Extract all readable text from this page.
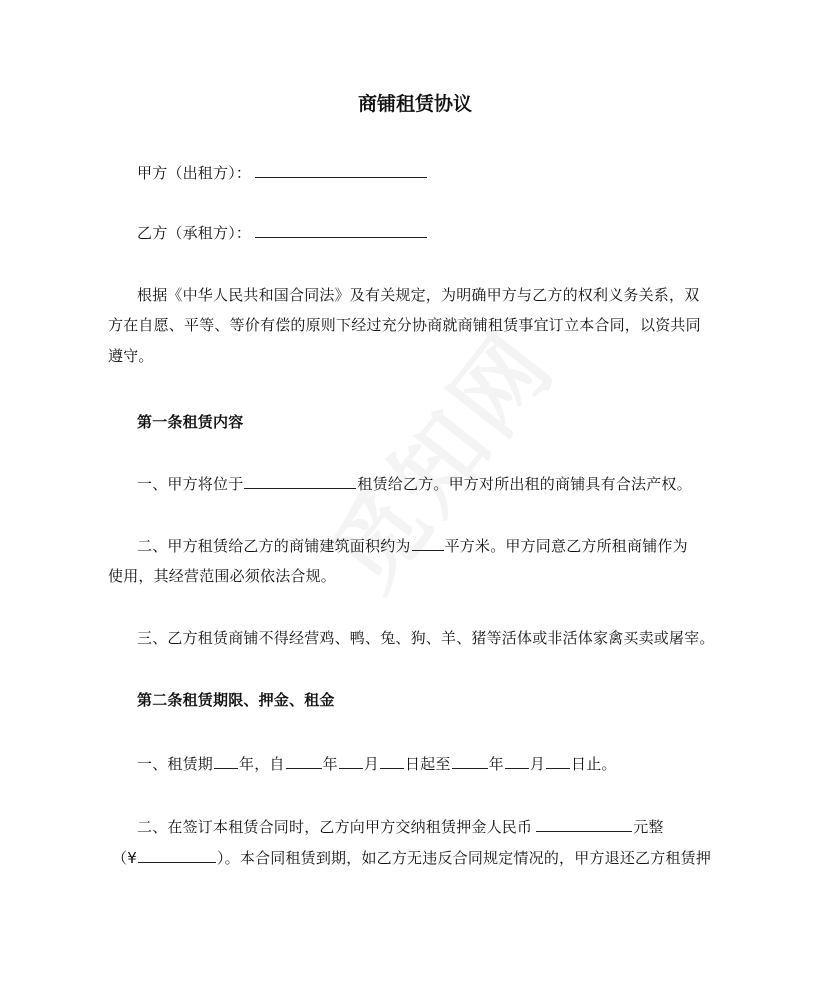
商铺租赁协议
甲方（出租方）：
乙方（承租方）：
根据《中华人民共和国合同法》及有关规定，为明确甲方与乙方的权利义务关系，双
方在自愿、平等、等价有偿的原则下经过充分协商就商铺租赁事宜订立本合同，以资共同
遵守。
第一条租赁内容
一、甲方将位于	租赁给乙方。甲方对所出租的商铺具有合法产权。
二、甲方租赁给乙方的商铺建筑面积约为 平方米。甲方同意乙方所租商铺作为
使用，其经营范围必须依法合规。
三、乙方租赁商铺不得经营鸡、鸭、兔、狗、羊、猪等活体或非活体家禽买卖或屠宰。
第二条租赁期限、押金、租金
一、租赁期 年，自	年 月 日起至	年 月 日止。
二、在签订本租赁合同时，乙方向甲方交纳租赁押金人民币	元整
（¥	）。本合同租赁到期，如乙方无违反合同规定情况的，甲方退还乙方租赁押
